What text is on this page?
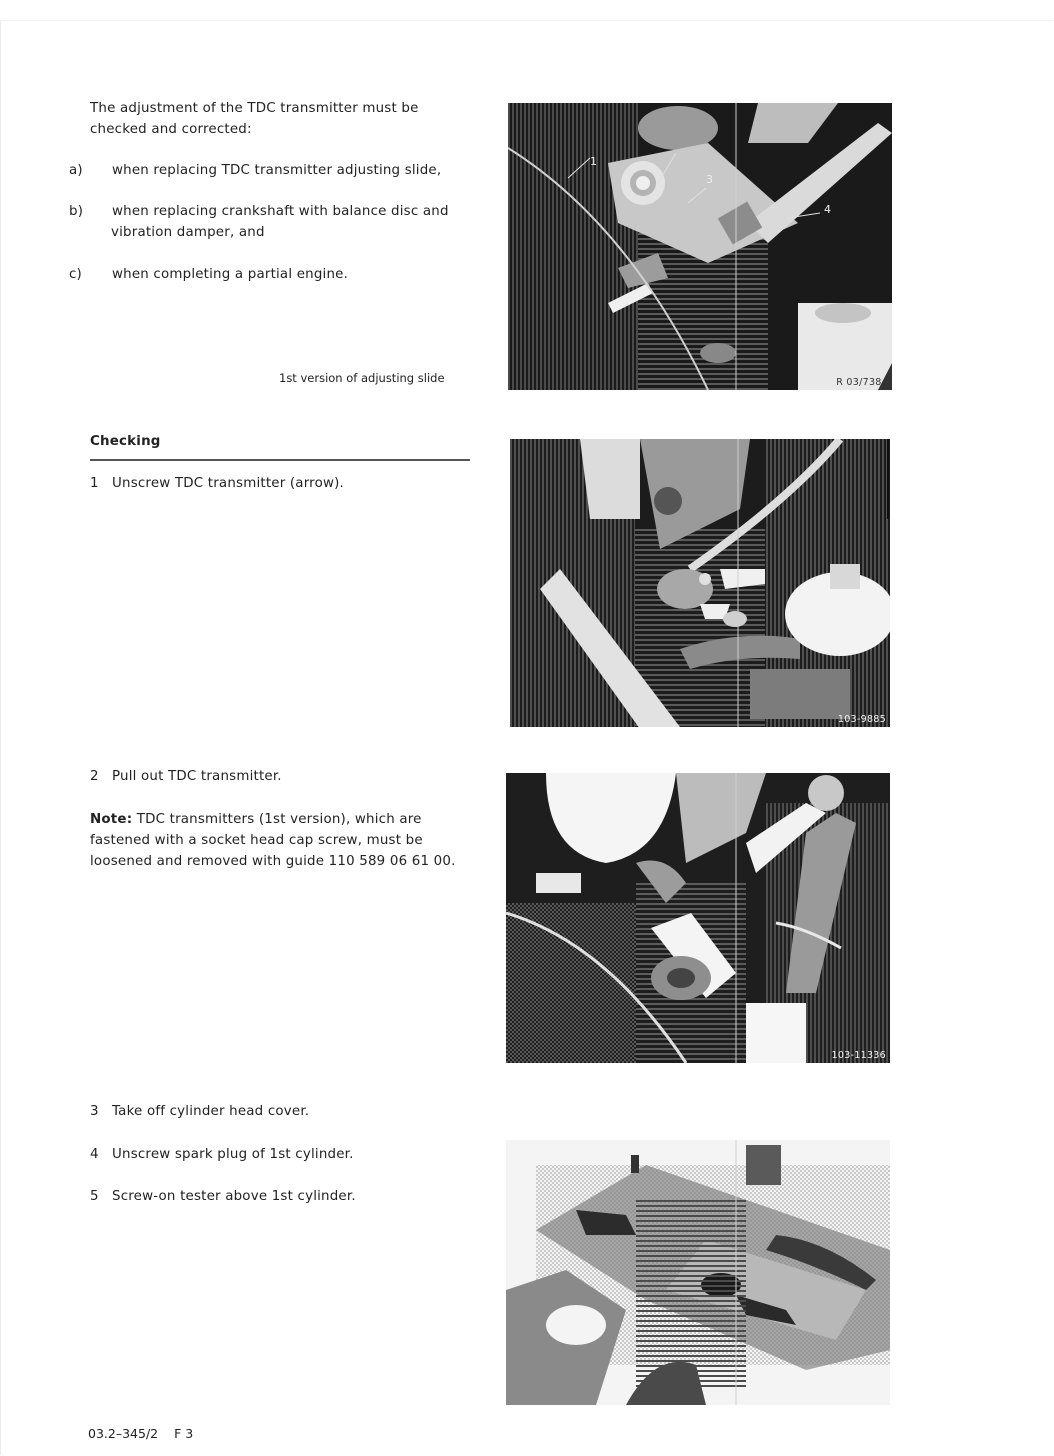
The adjustment of the TDC transmitter must be checked and corrected:
a) when replacing TDC transmitter adjusting slide,
b) when replacing crankshaft with balance disc and vibration damper, and
c) when completing a partial engine.
1st version of adjusting slide
Checking
1 Unscrew TDC transmitter (arrow).
2 Pull out TDC transmitter.
Note: TDC transmitters (1st version), which are fastened with a socket head cap screw, must be loosened and removed with guide 110 589 06 61 00.
3 Take off cylinder head cover.
4 Unscrew spark plug of 1st cylinder.
5 Screw-on tester above 1st cylinder.
1
3
4
R 03/7384
103-9885
103-11336
03.2–345/2 F 3
